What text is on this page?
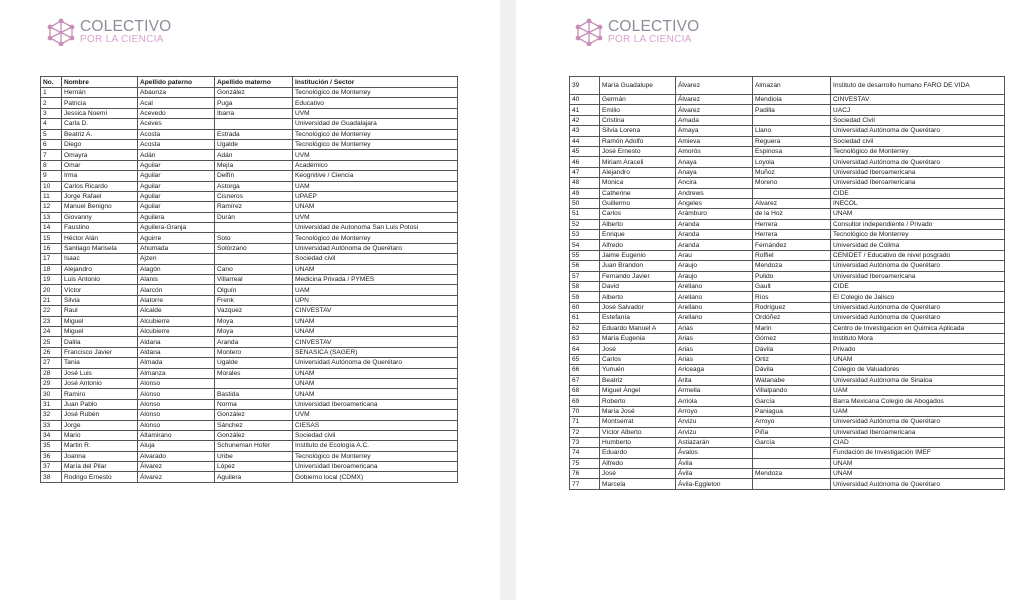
COLECTIVO
POR LA CIENCIA
No.	Nombre	Apellido paterno	Apellido materno	Institución / Sector
1	Hernán	Abaunza	González	Tecnológico de Monterrey
2	Patricia	Acal	Puga	Educativo
3	Jessica Noemí	Acevedo	Ibarra	UVM
4	Carla D.	Aceves		Universidad de Guadalajara
5	Beatriz A.	Acosta	Estrada	Tecnológico de Monterrey
6	Diego	Acosta	Ugalde	Tecnológico de Monterrey
7	Omayra	Adán	Adán	UVM
8	Omar	Aguilar	Mejía	Académico
9	Irma	Aguilar	Delfín	Keognitive / Ciencia
10	Carlos Ricardo	Aguilar	Astorga	UAM
11	Jorge Rafael	Aguilar	Cisneros	UPAEP
12	Manuel Benigno	Aguilar	Ramírez	UNAM
13	Giovanny	Aguilera	Durán	UVM
14	Faustino	Aguilera-Granja		Universidad de Autonoma San Luis Potosi
15	Héctor Alán	Aguirre	Soto	Tecnológico de Monterrey
16	Santiago Marisela	Ahumada	Solórzano	Universidad Autónoma de Querétaro
17	Isaac	Ajzen		Sociedad civil
18	Alejandro	Alagón	Cano	UNAM
19	Luis Antonio	Alanis	Villarreal	Medicina Privada / PYMES
20	Víctor	Alarcón	Olguín	UAM
21	Silvia	Alatorre	Frenk	UPN
22	Raul	Alcalde	Vazquez	CINVESTAV
23	Miguel	Alcubierre	Moya	UNAM
24	Miguel	Alcubierre	Moya	UNAM
25	Dalila	Aldana	Aranda	CINVESTAV
26	Francisco Javier	Aldana	Montero	SENASICA (SAGER)
27	Tania	Almada	Ugalde	Universidad Autónoma de Querétaro
28	José Luis	Almanza	Morales	UNAM
29	José Antonio	Alonso		UNAM
30	Ramiro	Alonso	Bastida	UNAM
31	Juan Pablo	Alonso	Norma	Universidad Iberoamericana
32	José Rubén	Alonso	González	UVM
33	Jorge	Alonso	Sánchez	CIESAS
34	Mario	Altamirano	González	Sociedad civil
35	Martin R.	Aluja	Schuneman Hofer	Instituto de Ecología A.C.
36	Joanna	Alvarado	Uribe	Tecnológico de Monterrey
37	María del Pilar	Álvarez	López	Universidad Iberoamericana
38	Rodrigo Ernesto	Álvarez	Aguilera	Gobierno local (CDMX)
COLECTIVO
POR LA CIENCIA
39	María Guadalupe	Álvarez	Almazan	Instituto de desarrollo humano FARO DE VIDA
40	Germán	Álvarez	Mendiola	CINVESTAV
41	Emilio	Álvarez	Padilla	UACJ
42	Cristina	Amada		Sociedad Civil
43	Silvia Lorena	Amaya	Llano	Universidad Autónoma de Querétaro
44	Ramón Adolfo	Amieva	Reguera	Sociedad civil
45	José Ernesto	Amorós	Espinosa	Tecnológico de Monterrey
46	Miriam Araceli	Anaya	Loyola	Universidad Autónoma de Querétaro
47	Alejandro	Anaya	Muñoz	Universidad Iberoamericana
48	Monica	Ancira	Moreno	Universidad Iberoamericana
49	Catherine	Andrews		CIDE
50	Guillermo	Angeles	Alvarez	INECOL
51	Carlos	Arámburo	de la Hoz	UNAM
52	Alberto	Aranda	Herrera	Consultor independiente / Privado
53	Enrique	Aranda	Herrera	Tecnológico de Monterrey
54	Alfredo	Aranda	Fernández	Universidad de Colima
55	Jaime Eugenio	Arau	Roffiel	CENIDET / Educativo de nivel posgrado
56	Juan Brandon	Araujo	Mendoza	Universidad Autónoma de Querétaro
57	Fernando Javier	Araujo	Pulido	Universidad Iberoamericana
58	David	Arellano	Gault	CIDE
59	Alberto	Arellano	Ríos	El Colegio de Jalisco
60	José Salvador	Arellano	Rodríguez	Universidad Autónoma de Querétaro
61	Estefanía	Arellano	Ordóñez	Universidad Autónoma de Querétaro
62	Eduardo Manuel A	Arias	Marin	Centro de Investigacion en Quimica Aplicada
63	María Eugenia	Arias	Gómez	Instituto Mora
64	José	Arias	Dávila	Privado
65	Carlos	Arias	Ortiz	UNAM
66	Yunuén	Ariceaga	Dávila	Colegio de Valuadores
67	Beatriz	Arita	Watanabe	Universidad Autónoma de Sinaloa
68	Miguel Ángel	Armella	Villalpando	UAM
69	Roberto	Arriola	García	Barra Mexicana Colegio de Abogados
70	María José	Arroyo	Paniagua	UAM
71	Montserrat	Arvizu	Arroyo	Universidad Autónoma de Querétaro
72	Víctor Alberto	Arvizu	Piña	Universidad Iberoamericana
73	Humberto	Astiazarán	García	CIAD
74	Eduardo	Ávalos		Fundación de Investigación IMEF
75	Alfredo	Ávila		UNAM
76	José	Ávila	Mendoza	UNAM
77	Marcela	Ávila-Eggleton		Universidad Autónoma de Querétaro
